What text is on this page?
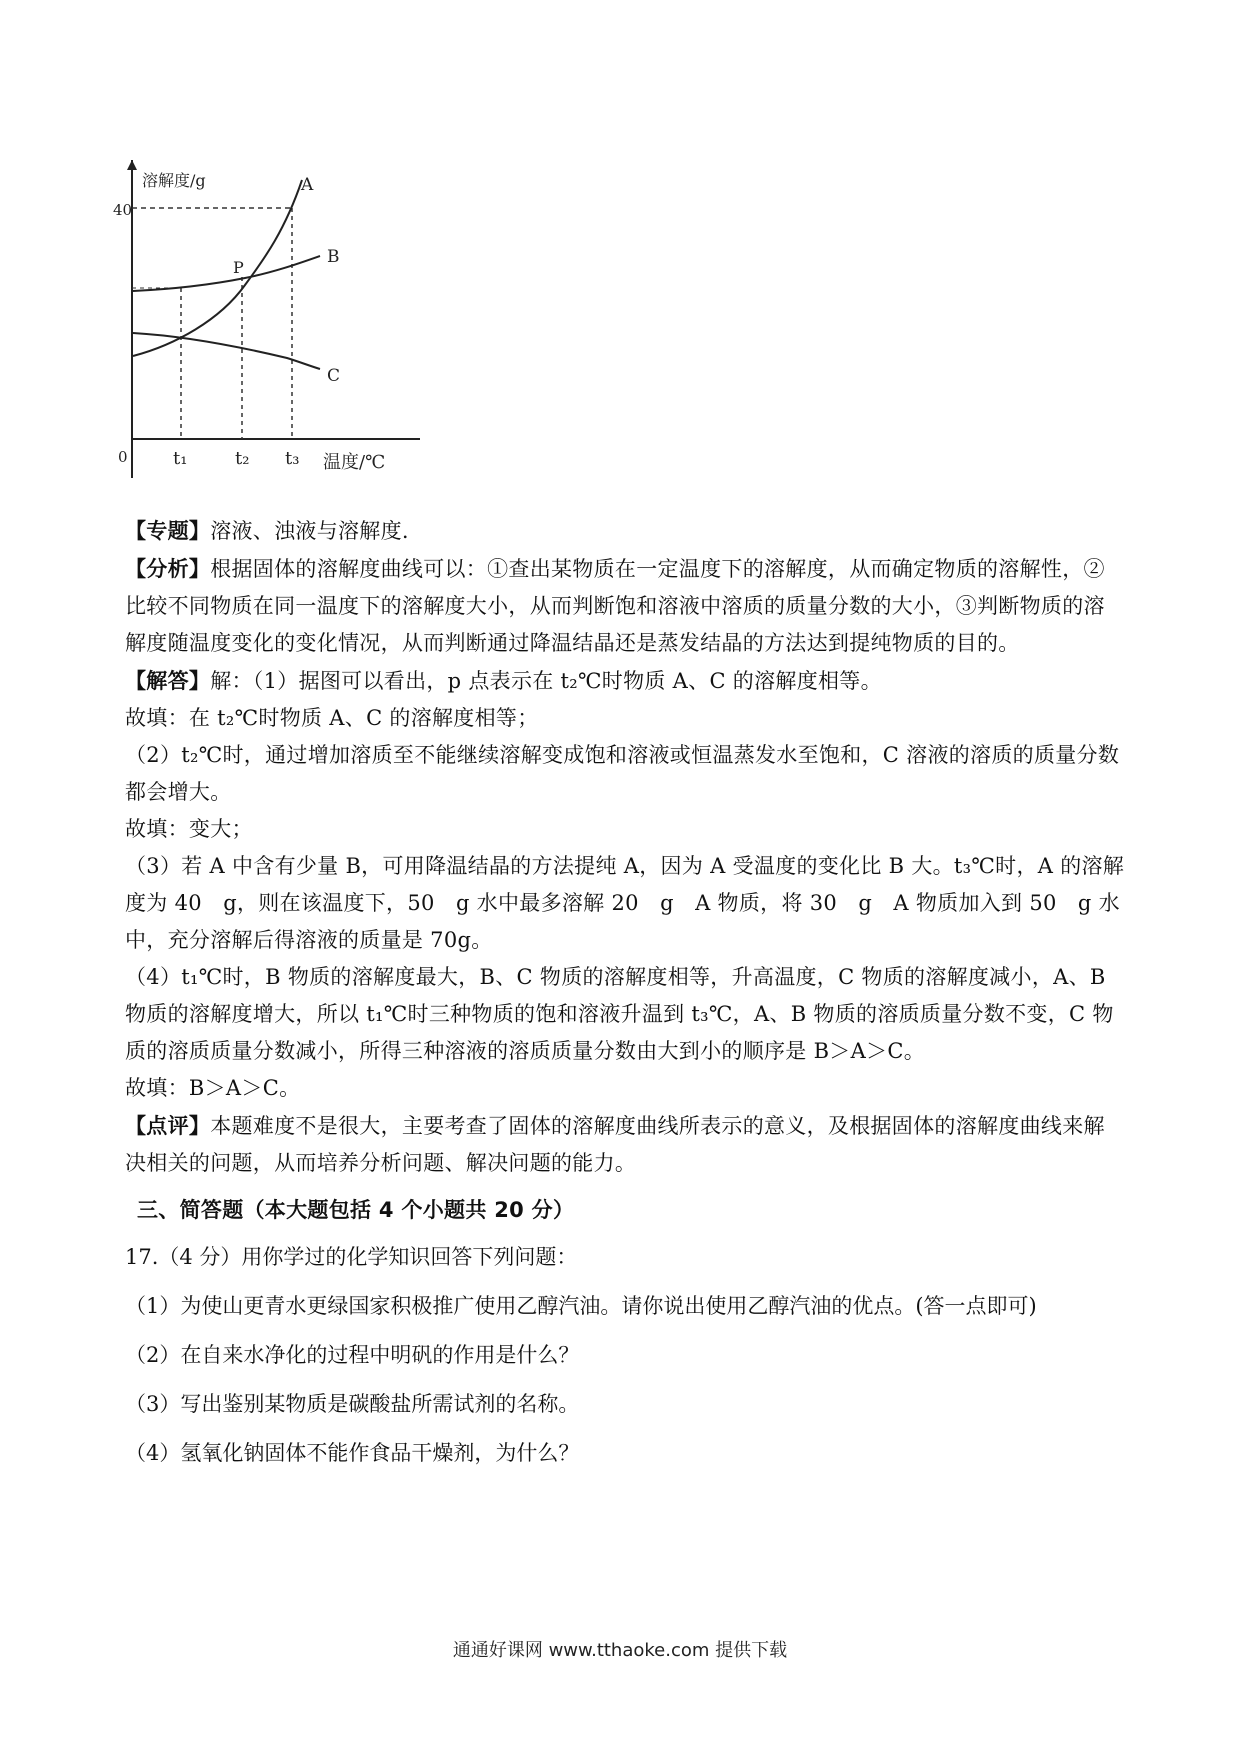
溶解度/g
40
0	t₁	t₂ t₃ 温度/℃
P
A
B
C

【专题】溶液、浊液与溶解度.

【分析】根据固体的溶解度曲线可以：①查出某物质在一定温度下的溶解度，从而确定物质的溶解性，②比较不同物质在同一温度下的溶解度大小，从而判断饱和溶液中溶质的质量分数的大小，③判断物质的溶解度随温度变化的变化情况，从而判断通过降温结晶还是蒸发结晶的方法达到提纯物质的目的。

【解答】解：（1）据图可以看出，p 点表示在 t₂℃时物质 A、C 的溶解度相等。

故填：在 t₂℃时物质 A、C 的溶解度相等；

（2）t₂℃时，通过增加溶质至不能继续溶解变成饱和溶液或恒温蒸发水至饱和，C 溶液的溶质的质量分数都会增大。

故填：变大；

（3）若 A 中含有少量 B，可用降温结晶的方法提纯 A，因为 A 受温度的变化比 B 大。t₃℃时，A 的溶解度为 40　g，则在该温度下，50　g 水中最多溶解 20　g　A 物质，将 30　g　A 物质加入到 50　g 水中，充分溶解后得溶液的质量是 70g。

（4）t₁℃时，B 物质的溶解度最大，B、C 物质的溶解度相等，升高温度，C 物质的溶解度减小，A、B 物质的溶解度增大，所以 t₁℃时三种物质的饱和溶液升温到 t₃℃，A、B 物质的溶质质量分数不变，C 物质的溶质质量分数减小，所得三种溶液的溶质质量分数由大到小的顺序是 B＞A＞C。

故填：B＞A＞C。

【点评】本题难度不是很大，主要考查了固体的溶解度曲线所表示的意义，及根据固体的溶解度曲线来解决相关的问题，从而培养分析问题、解决问题的能力。

三、简答题（本大题包括 4 个小题共 20 分）

17.（4 分）用你学过的化学知识回答下列问题：

（1）为使山更青水更绿国家积极推广使用乙醇汽油。请你说出使用乙醇汽油的优点。(答一点即可)

（2）在自来水净化的过程中明矾的作用是什么？

（3）写出鉴别某物质是碳酸盐所需试剂的名称。

（4）氢氧化钠固体不能作食品干燥剂，为什么？

通通好课网 www.tthaoke.com 提供下载
